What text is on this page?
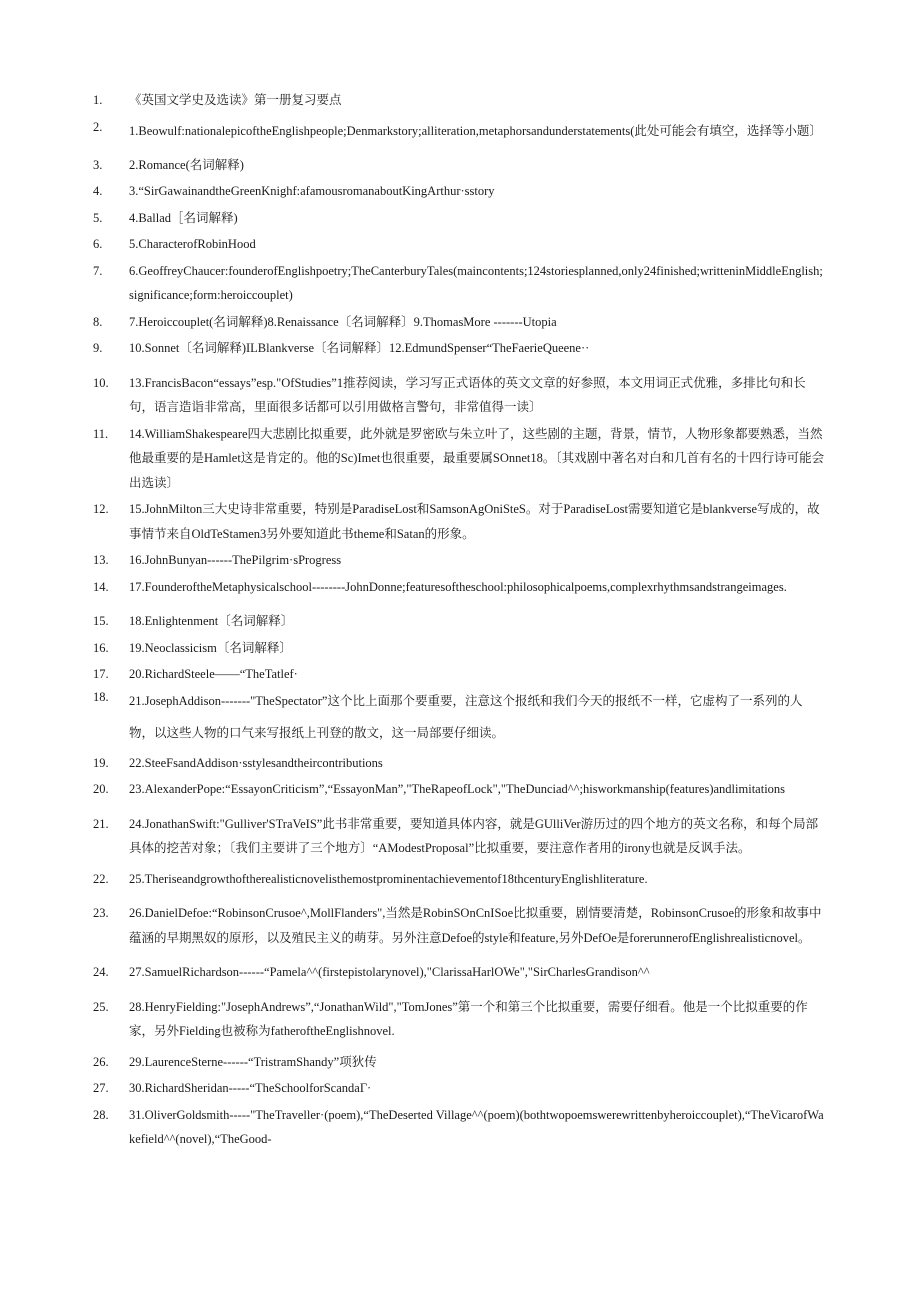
1.	《英国文学史及选读》第一册复习要点
2.	1.Beowulf:nationalepicoftheEnglishpeople;Denmarkstory;alliteration,metaphorsandunderstatements(此处可能会有填空，选择等小题〕
3.	2.Romance(名词解释)
4.	3.“SirGawainandtheGreenKnighf:afamousromanaboutKingArthur·sstory
5.	4.Ballad［名词解释)
6.	5.CharacterofRobinHood
7.	6.GeoffreyChaucer:founderofEnglishpoetry;TheCanterburyTales(maincontents;124storiesplanned,only24finished;writteninMiddleEnglish;significance;form:heroiccouplet)
8.	7.Heroiccouplet(名词解释)8.Renaissance〔名词解释〕9.ThomasMore -------Utopia
9.	10.Sonnet〔名词解释)ILBlankverse〔名词解释〕12.EdmundSpenser“TheFaerieQueene··
10.	13.FrancisBacon“essays”esp."OfStudies”1推荐阅读，学习写正式语体的英文文章的好参照，本文用词正式优雅，多排比句和长句，语言造诣非常高，里面很多话都可以引用做格言警句，非常值得一读〕
11.	14.WilliamShakespeare四大悲剧比拟重要，此外就是罗密欧与朱立叶了，这些剧的主题，背景，情节，人物形象都要熟悉，当然他最重要的是Hamlet这是肯定的。他的Sc)Imet也很重要，最重要属SOnnet18。〔其戏剧中著名对白和几首有名的十四行诗可能会出选读〕
12.	15.JohnMilton三大史诗非常重要，特别是ParadiseLost和SamsonAgOniSteS。对于ParadiseLost需要知道它是blankverse写成的，故事情节来自OldTeStamen3另外要知道此书theme和Satan的形象。
13.	16.JohnBunyan------ThePilgrim·sProgress
14.	17.FounderoftheMetaphysicalschool--------JohnDonne;featuresoftheschool:philosophicalpoems,complexrhythmsandstrangeimages.
15.	18.Enlightenment〔名词解释〕
16.	19.Neoclassicism〔名词解释〕
17.	20.RichardSteele——“TheTatlef·
18.	21.JosephAddison-------"TheSpectator”这个比上面那个要重要，注意这个报纸和我们今天的报纸不一样，它虚构了一系列的人物，以这些人物的口气来写报纸上刊登的散文，这一局部要仔细读。
19.	22.SteeFsandAddison·sstylesandtheircontributions
20.	23.AlexanderPope:“EssayonCriticism”,“EssayonMan”,"TheRapeofLock","TheDunciad^^;hisworkmanship(features)andlimitations
21.	24.JonathanSwift:"Gulliver'STraVeIS”此书非常重要，要知道具体内容，就是GUlliVer游历过的四个地方的英文名称，和每个局部具体的挖苦对象；〔我们主要讲了三个地方〕“AModestProposal”比拟重要，要注意作者用的irony也就是反讽手法。
22.	25.Theriseandgrowthoftherealisticnovelisthemostprominentachievementof18thcenturyEnglishliterature.
23.	26.DanielDefoe:“RobinsonCrusoe^,MollFlanders",当然是RobinSOnCnISoe比拟重要，剧情要清楚，RobinsonCrusoe的形象和故事中蕴涵的早期黑奴的原形，以及殖民主义的萌芽。另外注意Defoe的style和feature,另外DefOe是forerunnerofEnglishrealisticnovel。
24.	27.SamuelRichardson------“Pamela^^(firstepistolarynovel),"ClarissaHarlOWe","SirCharlesGrandison^^
25.	28.HenryFielding:"JosephAndrews”,“JonathanWild","TomJones”第一个和第三个比拟重要，需要仔细看。他是一个比拟重要的作家，另外Fielding也被称为fatheroftheEnglishnovel.
26.	29.LaurenceSterne------“TristramShandy”项狄传
27.	30.RichardSheridan-----“TheSchoolforScandaΓ·
28.	31.OliverGoldsmith-----"TheTraveller·(poem),“TheDeserted Village^^(poem)(bothtwopoemswerewrittenbyheroiccouplet),“TheVicarofWakefield^^(novel),“TheGood-
